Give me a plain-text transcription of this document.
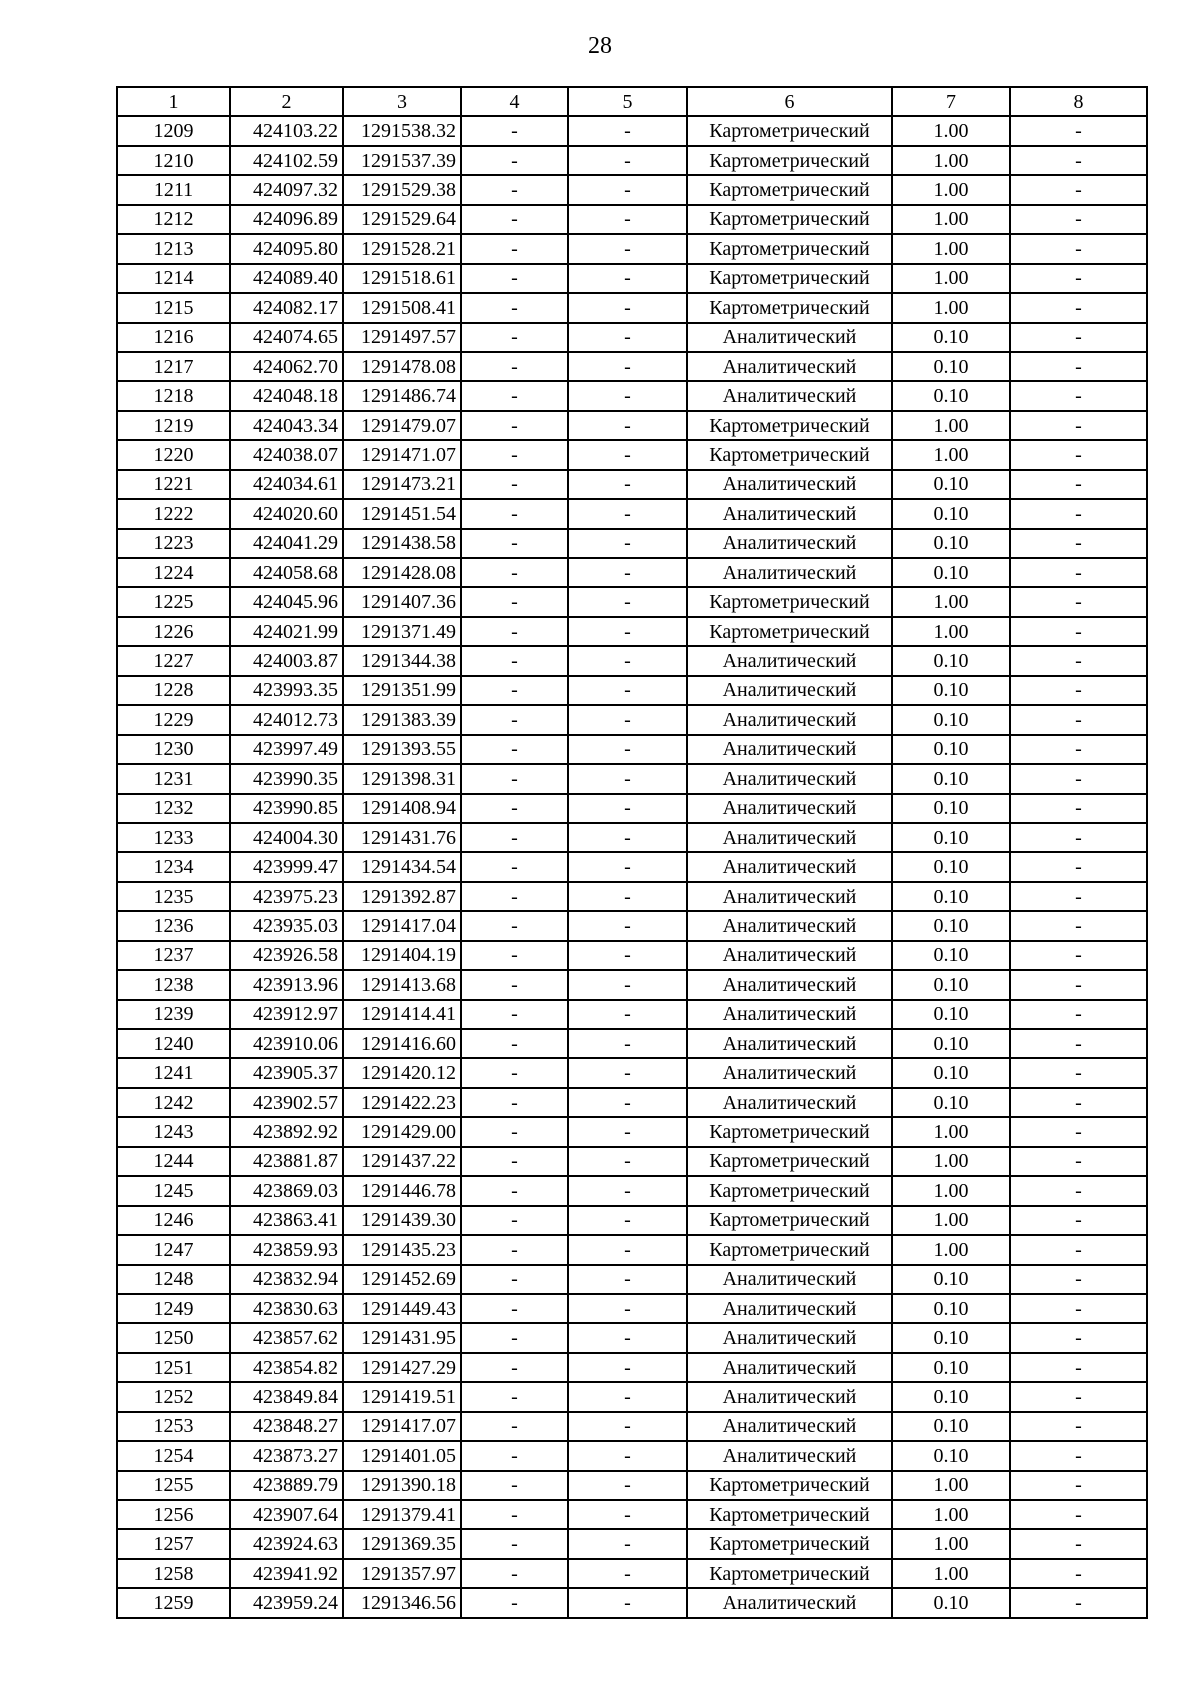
28
1	2	3	4	5	6	7	8
1209	424103.22	1291538.32	-	-	Картометрический	1.00	-
1210	424102.59	1291537.39	-	-	Картометрический	1.00	-
1211	424097.32	1291529.38	-	-	Картометрический	1.00	-
1212	424096.89	1291529.64	-	-	Картометрический	1.00	-
1213	424095.80	1291528.21	-	-	Картометрический	1.00	-
1214	424089.40	1291518.61	-	-	Картометрический	1.00	-
1215	424082.17	1291508.41	-	-	Картометрический	1.00	-
1216	424074.65	1291497.57	-	-	Аналитический	0.10	-
1217	424062.70	1291478.08	-	-	Аналитический	0.10	-
1218	424048.18	1291486.74	-	-	Аналитический	0.10	-
1219	424043.34	1291479.07	-	-	Картометрический	1.00	-
1220	424038.07	1291471.07	-	-	Картометрический	1.00	-
1221	424034.61	1291473.21	-	-	Аналитический	0.10	-
1222	424020.60	1291451.54	-	-	Аналитический	0.10	-
1223	424041.29	1291438.58	-	-	Аналитический	0.10	-
1224	424058.68	1291428.08	-	-	Аналитический	0.10	-
1225	424045.96	1291407.36	-	-	Картометрический	1.00	-
1226	424021.99	1291371.49	-	-	Картометрический	1.00	-
1227	424003.87	1291344.38	-	-	Аналитический	0.10	-
1228	423993.35	1291351.99	-	-	Аналитический	0.10	-
1229	424012.73	1291383.39	-	-	Аналитический	0.10	-
1230	423997.49	1291393.55	-	-	Аналитический	0.10	-
1231	423990.35	1291398.31	-	-	Аналитический	0.10	-
1232	423990.85	1291408.94	-	-	Аналитический	0.10	-
1233	424004.30	1291431.76	-	-	Аналитический	0.10	-
1234	423999.47	1291434.54	-	-	Аналитический	0.10	-
1235	423975.23	1291392.87	-	-	Аналитический	0.10	-
1236	423935.03	1291417.04	-	-	Аналитический	0.10	-
1237	423926.58	1291404.19	-	-	Аналитический	0.10	-
1238	423913.96	1291413.68	-	-	Аналитический	0.10	-
1239	423912.97	1291414.41	-	-	Аналитический	0.10	-
1240	423910.06	1291416.60	-	-	Аналитический	0.10	-
1241	423905.37	1291420.12	-	-	Аналитический	0.10	-
1242	423902.57	1291422.23	-	-	Аналитический	0.10	-
1243	423892.92	1291429.00	-	-	Картометрический	1.00	-
1244	423881.87	1291437.22	-	-	Картометрический	1.00	-
1245	423869.03	1291446.78	-	-	Картометрический	1.00	-
1246	423863.41	1291439.30	-	-	Картометрический	1.00	-
1247	423859.93	1291435.23	-	-	Картометрический	1.00	-
1248	423832.94	1291452.69	-	-	Аналитический	0.10	-
1249	423830.63	1291449.43	-	-	Аналитический	0.10	-
1250	423857.62	1291431.95	-	-	Аналитический	0.10	-
1251	423854.82	1291427.29	-	-	Аналитический	0.10	-
1252	423849.84	1291419.51	-	-	Аналитический	0.10	-
1253	423848.27	1291417.07	-	-	Аналитический	0.10	-
1254	423873.27	1291401.05	-	-	Аналитический	0.10	-
1255	423889.79	1291390.18	-	-	Картометрический	1.00	-
1256	423907.64	1291379.41	-	-	Картометрический	1.00	-
1257	423924.63	1291369.35	-	-	Картометрический	1.00	-
1258	423941.92	1291357.97	-	-	Картометрический	1.00	-
1259	423959.24	1291346.56	-	-	Аналитический	0.10	-
